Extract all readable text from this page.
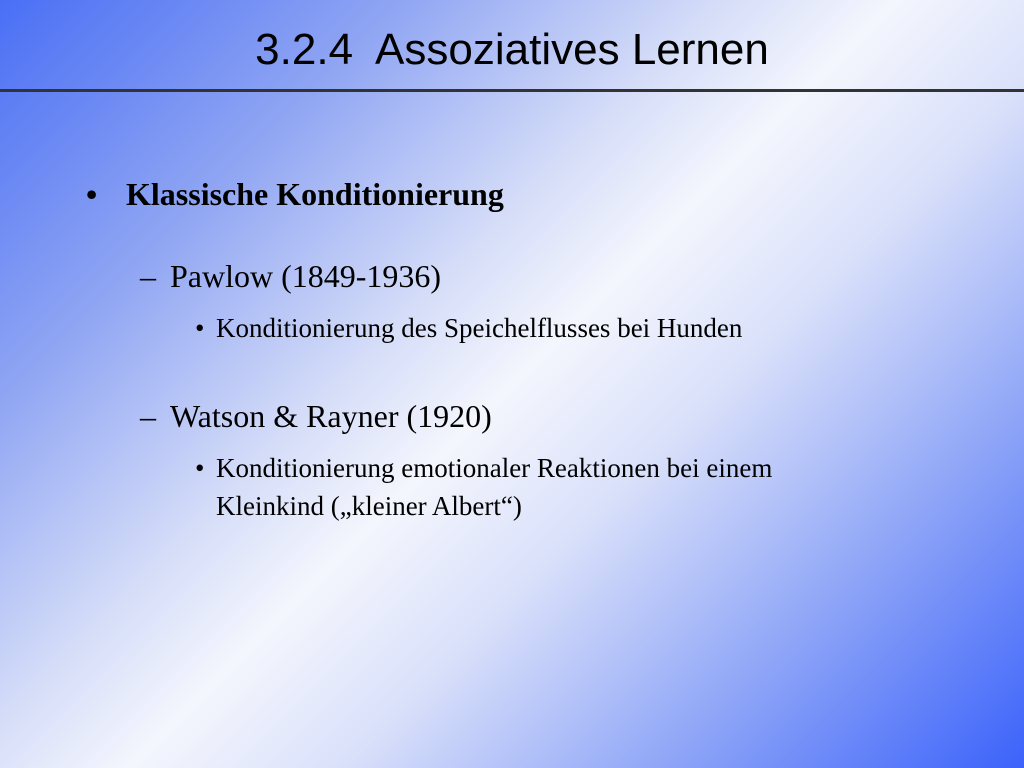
3.2.4  Assoziatives Lernen
• Klassische Konditionierung
– Pawlow (1849-1936)
• Konditionierung des Speichelflusses bei Hunden
– Watson & Rayner (1920)
• Konditionierung emotionaler Reaktionen bei einem
Kleinkind („kleiner Albert“)
